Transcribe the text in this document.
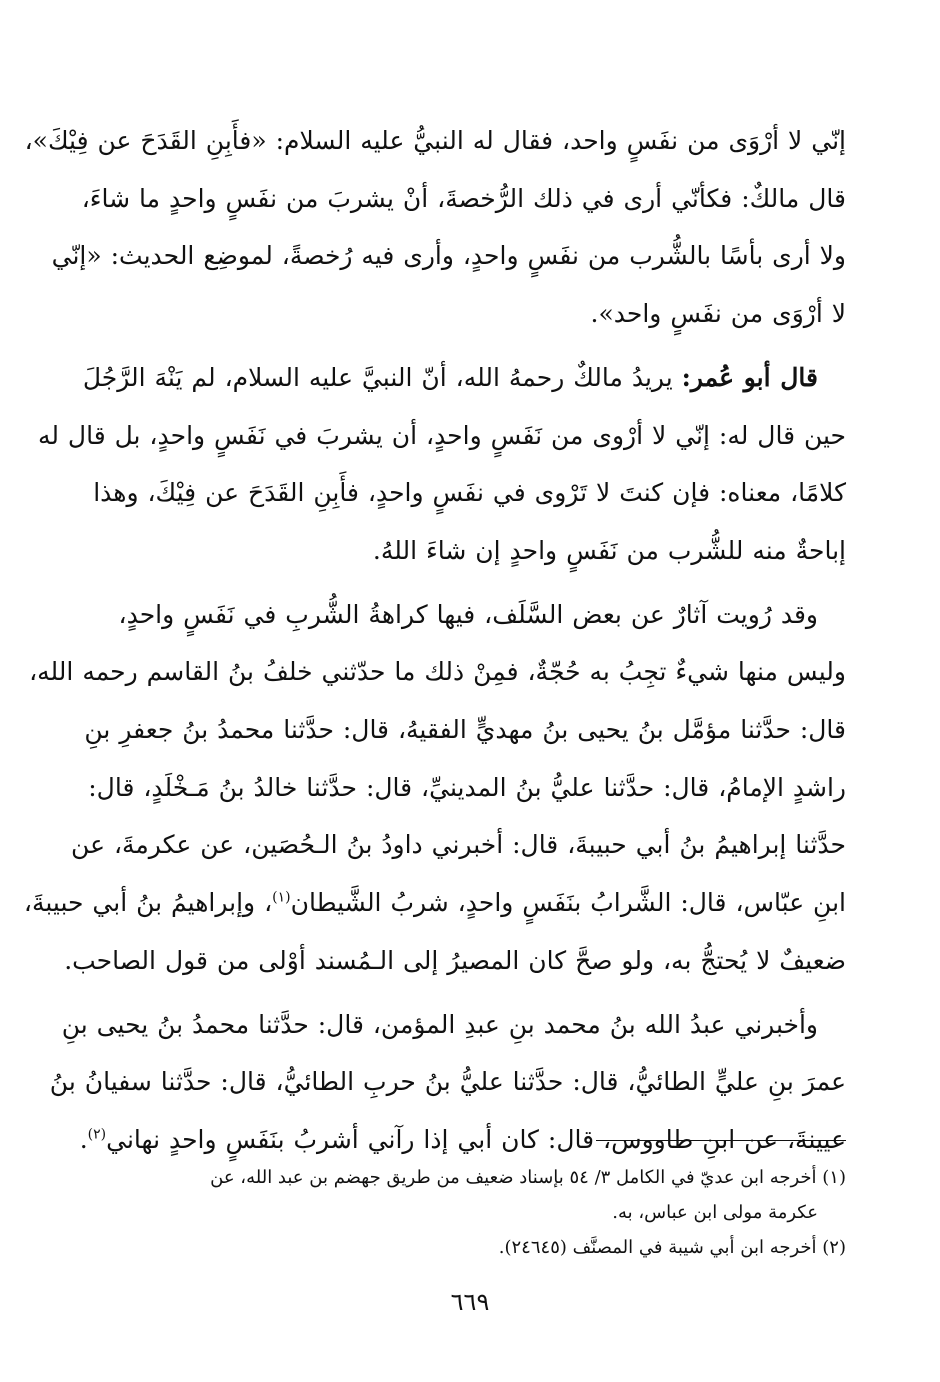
إنّي لا أرْوَى من نفَسٍ واحد، فقال له النبيُّ عليه السلام: «فأَبِنِ القَدَحَ عن فِيْكَ»،
قال مالكٌ: فكأنّي أرى في ذلك الرُّخصةَ، أنْ يشربَ من نفَسٍ واحدٍ ما شاءَ،
ولا أرى بأسًا بالشُّرب من نفَسٍ واحدٍ، وأرى فيه رُخصةً، لموضِع الحديث: «إنّي
لا أرْوَى من نفَسٍ واحد».
قال أبو عُمر: يريدُ مالكٌ رحمهُ الله، أنّ النبيَّ عليه السلام، لم يَنْهَ الرَّجُلَ
حين قال له: إنّي لا أرْوى من نَفَسٍ واحدٍ، أن يشربَ في نَفَسٍ واحدٍ، بل قال له
كلامًا، معناه: فإن كنتَ لا تَرْوى في نفَسٍ واحدٍ، فأَبِنِ القَدَحَ عن فِيْكَ، وهذا
إباحةٌ منه للشُّرب من نَفَسٍ واحدٍ إن شاءَ اللهُ.
وقد رُويت آثارٌ عن بعض السَّلَف، فيها كراهةُ الشُّربِ في نَفَسٍ واحدٍ،
وليس منها شيءٌ تجِبُ به حُجّةٌ، فمِنْ ذلك ما حدّثني خلفُ بنُ القاسم رحمه الله،
قال: حدَّثنا مؤمَّل بنُ يحيى بنُ مهديٍّ الفقيهُ، قال: حدَّثنا محمدُ بنُ جعفرِ بنِ
راشدٍ الإمامُ، قال: حدَّثنا عليُّ بنُ المدينيِّ، قال: حدَّثنا خالدُ بنُ مَـخْلَدٍ، قال:
حدَّثنا إبراهيمُ بنُ أبي حبيبةَ، قال: أخبرني داودُ بنُ الـحُصَين، عن عكرمةَ، عن
ابنِ عبّاس، قال: الشَّرابُ بنَفَسٍ واحدٍ، شربُ الشَّيطان$^{(١)}$، وإبراهيمُ بنُ أبي حبيبةَ،
ضعيفٌ لا يُحتجُّ به، ولو صحَّ كان المصيرُ إلى الـمُسند أوْلى من قول الصاحب.
وأخبرني عبدُ الله بنُ محمد بنِ عبدِ المؤمن، قال: حدَّثنا محمدُ بنُ يحيى بنِ
عمرَ بنِ عليٍّ الطائيُّ، قال: حدَّثنا عليُّ بنُ حربِ الطائيُّ، قال: حدَّثنا سفيانُ بنُ
عيينةَ، عن ابنِ طاووس، قال: كان أبي إذا رآني أشربُ بنَفَسٍ واحدٍ نهاني$^{(٢)}$.

(١) أخرجه ابن عديّ في الكامل ٣/ ٥٤ بإسناد ضعيف من طريق جهضم بن عبد الله، عن

عكرمة مولى ابن عباس، به.

(٢) أخرجه ابن أبي شيبة في المصنَّف (٢٤٦٤٥).

٦٦٩
